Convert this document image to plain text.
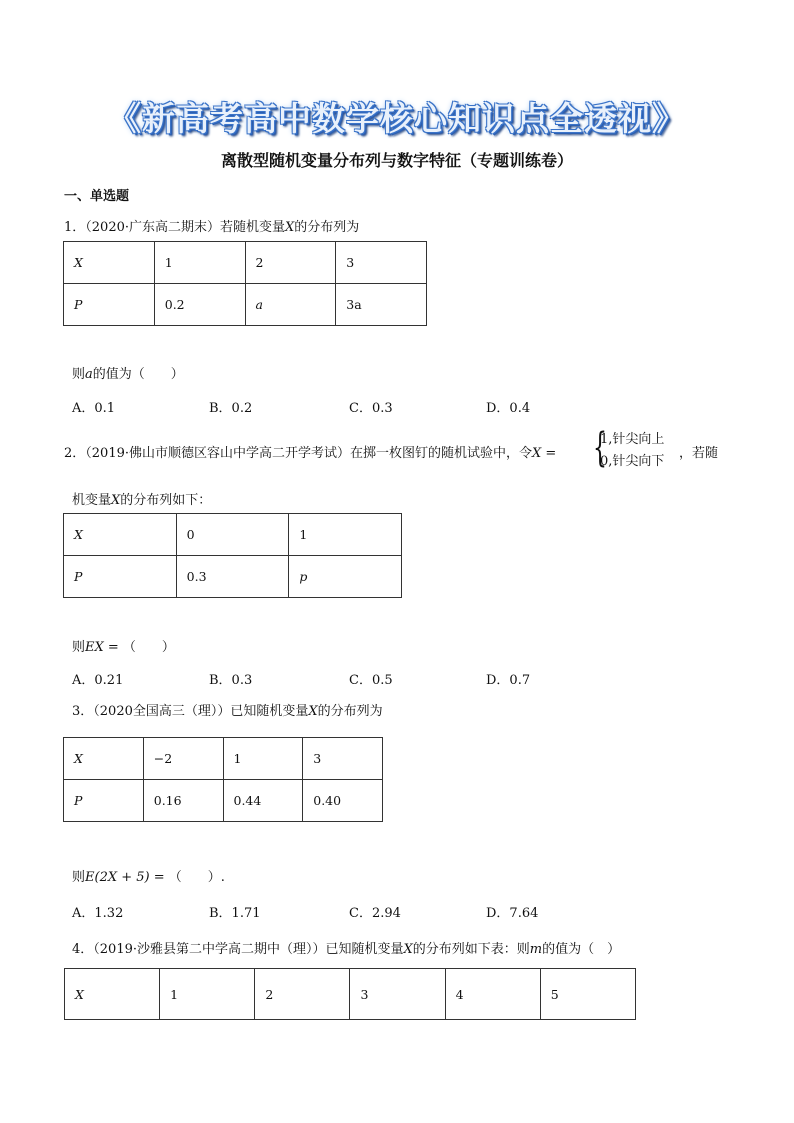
《新高考高中数学核心知识点全透视》
离散型随机变量分布列与数字特征（专题训练卷）
一、单选题
1．（2020·广东高二期末）若随机变量X的分布列为
X	1	2	3
P	0.2	a	3a
则a的值为（　　）
A．0.1	B．0.2	C．0.3	D．0.4
2．（2019·佛山市顺德区容山中学高二开学考试）在掷一枚图钉的随机试验中，令X = {
1,针尖向上
0,针尖向下
，若随
机变量X的分布列如下：
X	0	1
P	0.3	p
则EX = （　　）
A．0.21	B．0.3	C．0.5	D．0.7
3．（2020全国高三（理））已知随机变量X的分布列为
X	−2	1	3
P	0.16	0.44	0.40
则E(2X + 5) = （　　）.
A．1.32	B．1.71	C．2.94	D．7.64
4．（2019·沙雅县第二中学高二期中（理））已知随机变量X的分布列如下表：则m的值为（　）
X	1	2	3	4	5
